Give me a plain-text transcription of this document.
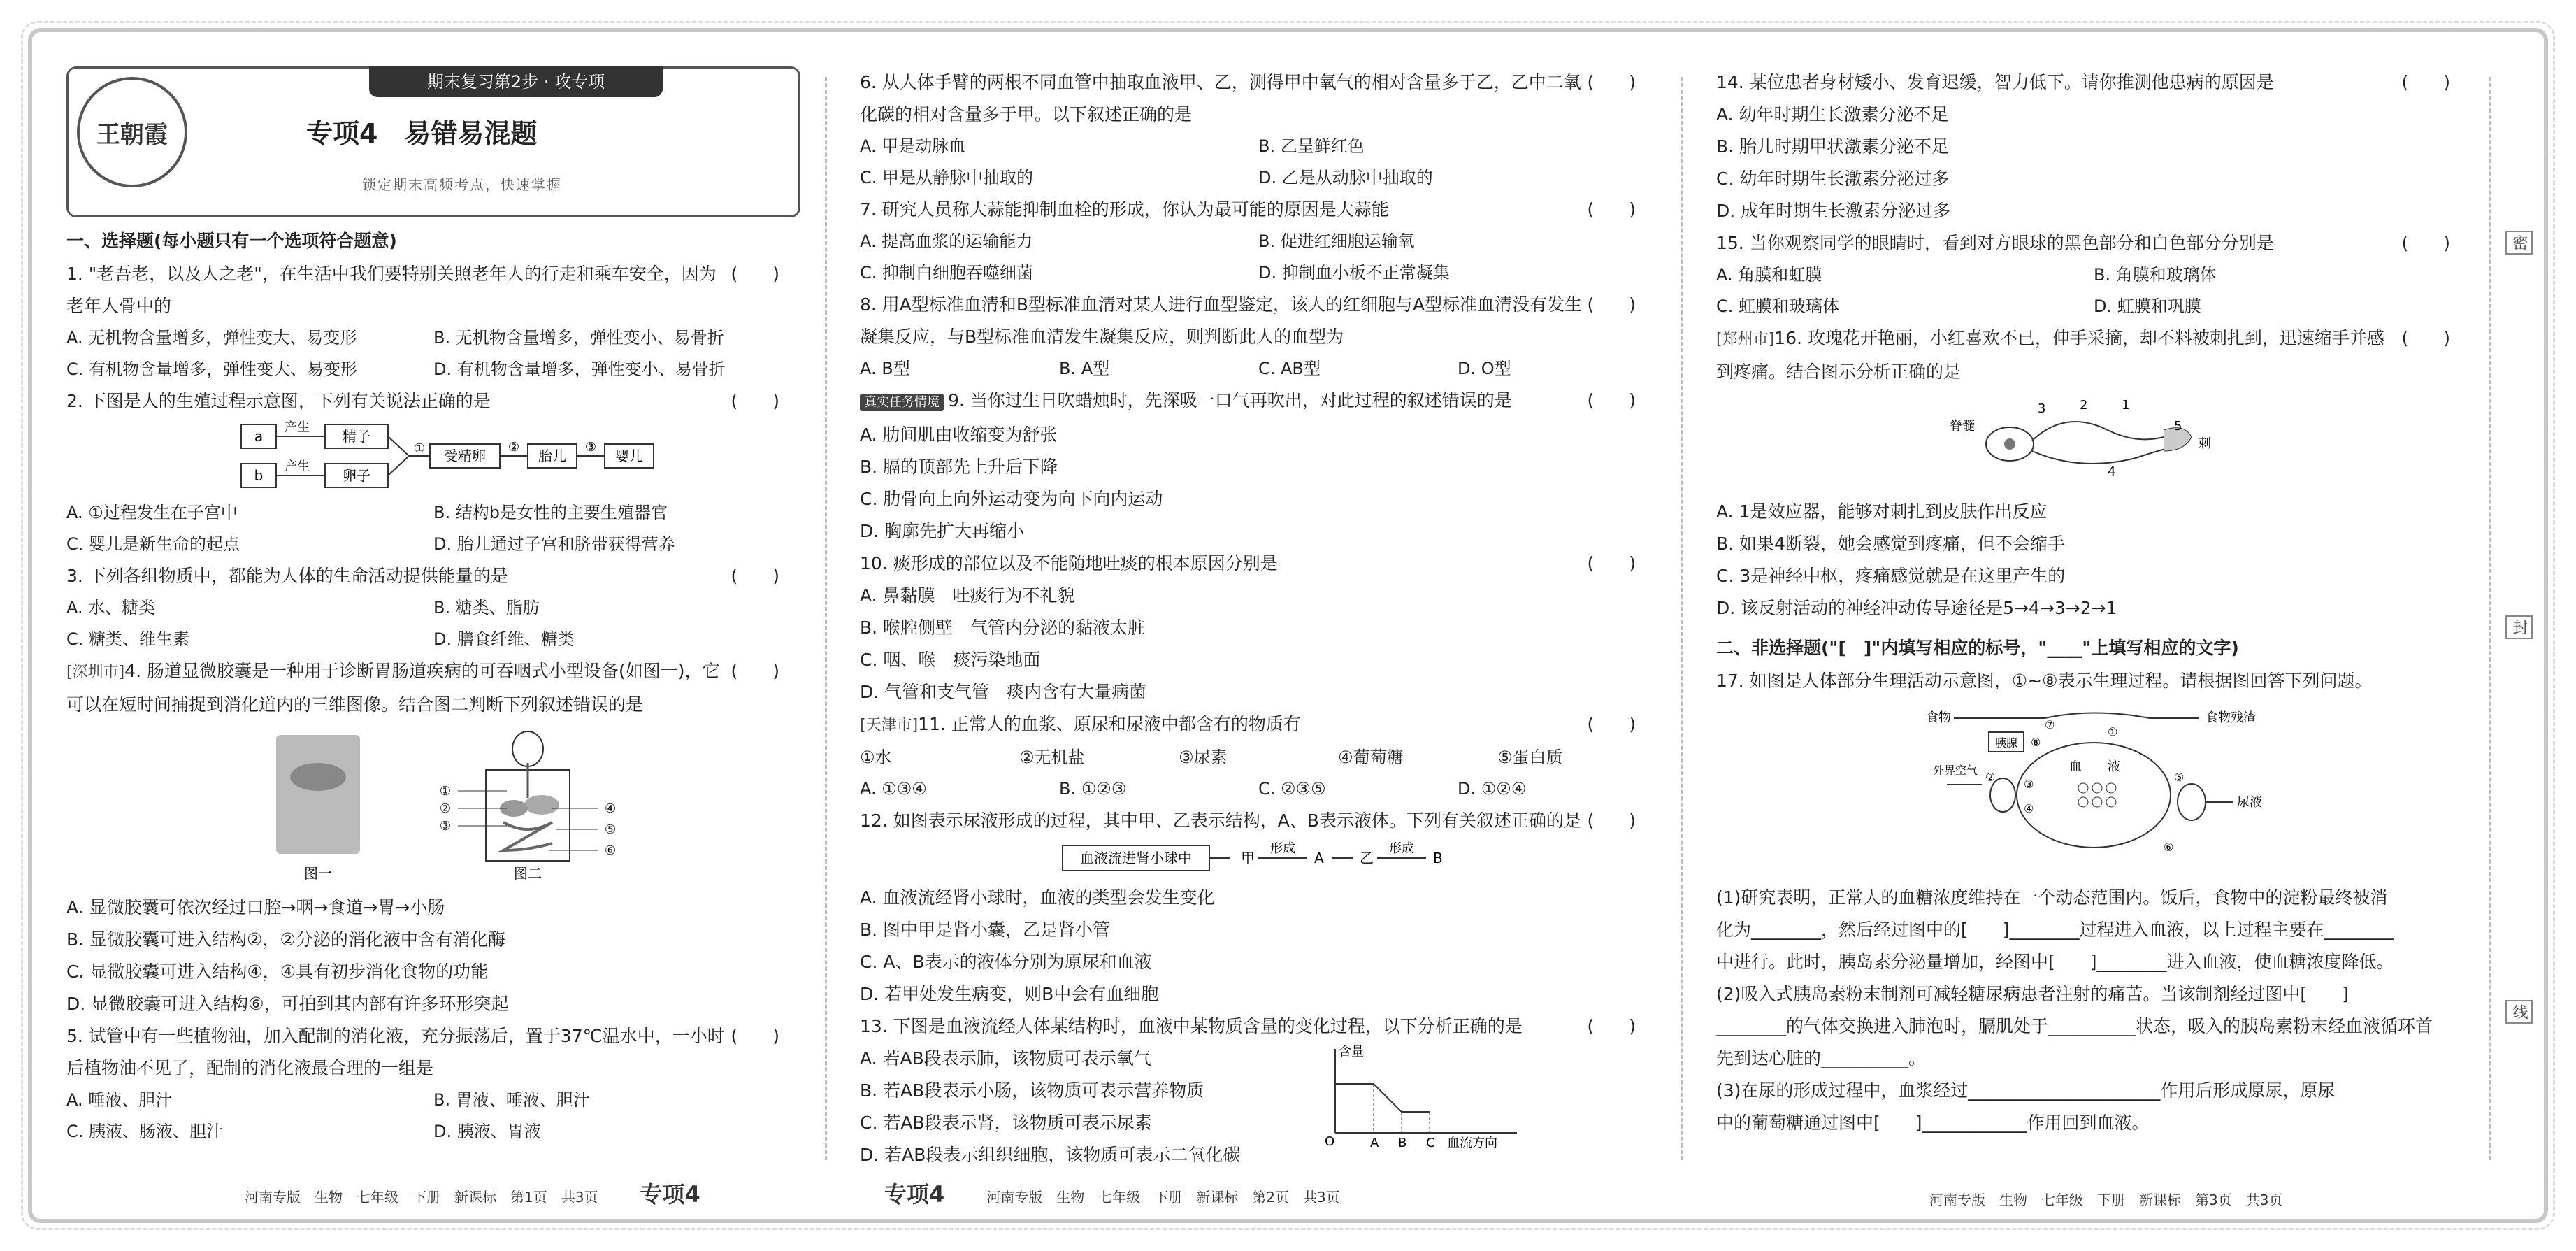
密
封
线
王朝霞
期末复习第2步 · 攻专项
专项4　易错易混题
锁定期末高频考点，快速掌握
一、选择题(每小题只有一个选项符合题意)
(　　)
1. "老吾老，以及人之老"，在生活中我们要特别关照老年人的行走和乘车安全，因为老年人骨中的
A. 无机物含量增多，弹性变大、易变形	B. 无机物含量增多，弹性变小、易骨折
C. 有机物含量增多，弹性变大、易变形	D. 有机物含量增多，弹性变小、易骨折
(　　)
2. 下图是人的生殖过程示意图，下列有关说法正确的是
a
b
产生
产生
精子
卵子
① 受精卵
②
胎儿
③
婴儿
A. ①过程发生在子宫中	B. 结构b是女性的主要生殖器官
C. 婴儿是新生命的起点	D. 胎儿通过子宫和脐带获得营养
(　　)
3. 下列各组物质中，都能为人体的生命活动提供能量的是
A. 水、糖类	B. 糖类、脂肪
C. 糖类、维生素	D. 膳食纤维、糖类
(　　)
[深圳市]4. 肠道显微胶囊是一种用于诊断胃肠道疾病的可吞咽式小型设备(如图一)，它可以在短时间捕捉到消化道内的三维图像。结合图二判断下列叙述错误的是
图一
①
②
③
④
⑤
⑥
图二
A. 显微胶囊可依次经过口腔→咽→食道→胃→小肠
B. 显微胶囊可进入结构②，②分泌的消化液中含有消化酶
C. 显微胶囊可进入结构④，④具有初步消化食物的功能
D. 显微胶囊可进入结构⑥，可拍到其内部有许多环形突起
(　　)
5. 试管中有一些植物油，加入配制的消化液，充分振荡后，置于37℃温水中，一小时后植物油不见了，配制的消化液最合理的一组是
A. 唾液、胆汁	B. 胃液、唾液、胆汁
C. 胰液、肠液、胆汁	D. 胰液、胃液
河南专版　生物　七年级　下册　新课标　第1页　共3页　　　 专项4
(　　)
6. 从人体手臂的两根不同血管中抽取血液甲、乙，测得甲中氧气的相对含量多于乙，乙中二氧化碳的相对含量多于甲。以下叙述正确的是
A. 甲是动脉血	B. 乙呈鲜红色
C. 甲是从静脉中抽取的	D. 乙是从动脉中抽取的
(　　)
7. 研究人员称大蒜能抑制血栓的形成，你认为最可能的原因是大蒜能
A. 提高血浆的运输能力	B. 促进红细胞运输氧
C. 抑制白细胞吞噬细菌	D. 抑制血小板不正常凝集
(　　)
8. 用A型标准血清和B型标准血清对某人进行血型鉴定，该人的红细胞与A型标准血清没有发生凝集反应，与B型标准血清发生凝集反应，则判断此人的血型为
A. B型	B. A型	C. AB型	D. O型
(　　)
真实任务情境 9. 当你过生日吹蜡烛时，先深吸一口气再吹出，对此过程的叙述错误的是
A. 肋间肌由收缩变为舒张
B. 膈的顶部先上升后下降
C. 肋骨向上向外运动变为向下向内运动
D. 胸廓先扩大再缩小
(　　)
10. 痰形成的部位以及不能随地吐痰的根本原因分别是
A. 鼻黏膜　吐痰行为不礼貌
B. 喉腔侧壁　气管内分泌的黏液太脏
C. 咽、喉　痰污染地面
D. 气管和支气管　痰内含有大量病菌
(　　)
[天津市]11. 正常人的血浆、原尿和尿液中都含有的物质有
①水	②无机盐	③尿素	④葡萄糖	⑤蛋白质
A. ①③④	B. ①②③	C. ②③⑤	D. ①②④
(　　)
12. 如图表示尿液形成的过程，其中甲、乙表示结构，A、B表示液体。下列有关叙述正确的是
血液流进肾小球中	甲
形成
A	乙
形成
B
A. 血液流经肾小球时，血液的类型会发生变化
B. 图中甲是肾小囊，乙是肾小管
C. A、B表示的液体分别为原尿和血液
D. 若甲处发生病变，则B中会有血细胞
(　　)
13. 下图是血液流经人体某结构时，血液中某物质含量的变化过程，以下分析正确的是
A. 若AB段表示肺，该物质可表示氧气
B. 若AB段表示小肠，该物质可表示营养物质
C. 若AB段表示肾，该物质可表示尿素
D. 若AB段表示组织细胞，该物质可表示二氧化碳
含量
O	A B C 血流方向
专项4　　　	河南专版　生物　七年级　下册　新课标　第2页　共3页
(　　)
14. 某位患者身材矮小、发育迟缓，智力低下。请你推测他患病的原因是
A. 幼年时期生长激素分泌不足
B. 胎儿时期甲状激素分泌不足
C. 幼年时期生长激素分泌过多
D. 成年时期生长激素分泌过多
(　　)
15. 当你观察同学的眼睛时，看到对方眼球的黑色部分和白色部分分别是
A. 角膜和虹膜	B. 角膜和玻璃体
C. 虹膜和玻璃体	D. 虹膜和巩膜
(　　)
[郑州市]16. 玫瑰花开艳丽，小红喜欢不已，伸手采摘，却不料被刺扎到，迅速缩手并感到疼痛。结合图示分析正确的是
脊髓
3	2	1
4
5
刺
A. 1是效应器，能够对刺扎到皮肤作出反应
B. 如果4断裂，她会感觉到疼痛，但不会缩手
C. 3是神经中枢，疼痛感觉就是在这里产生的
D. 该反射活动的神经冲动传导途径是5→4→3→2→1
二、非选择题("[　]"内填写相应的标号，"____"上填写相应的文字)
17. 如图是人体部分生理活动示意图，①~⑧表示生理过程。请根据图回答下列问题。
食物	食物残渣
胰腺 ⑧
⑦
①
血 液
外界空气
②
③
④
⑤
⑥
尿液
(1)研究表明，正常人的血糖浓度维持在一个动态范围内。饭后，食物中的淀粉最终被消
化为________，然后经过图中的[　　]________过程进入血液，以上过程主要在________
中进行。此时，胰岛素分泌量增加，经图中[　　]________进入血液，使血糖浓度降低。
(2)吸入式胰岛素粉末制剂可减轻糖尿病患者注射的痛苦。当该制剂经过图中[　　]
________的气体交换进入肺泡时，膈肌处于__________状态，吸入的胰岛素粉末经血液循环首
先到达心脏的__________。
(3)在尿的形成过程中，血浆经过______________________作用后形成原尿，原尿
中的葡萄糖通过图中[　　]____________作用回到血液。
河南专版　生物　七年级　下册　新课标　第3页　共3页
